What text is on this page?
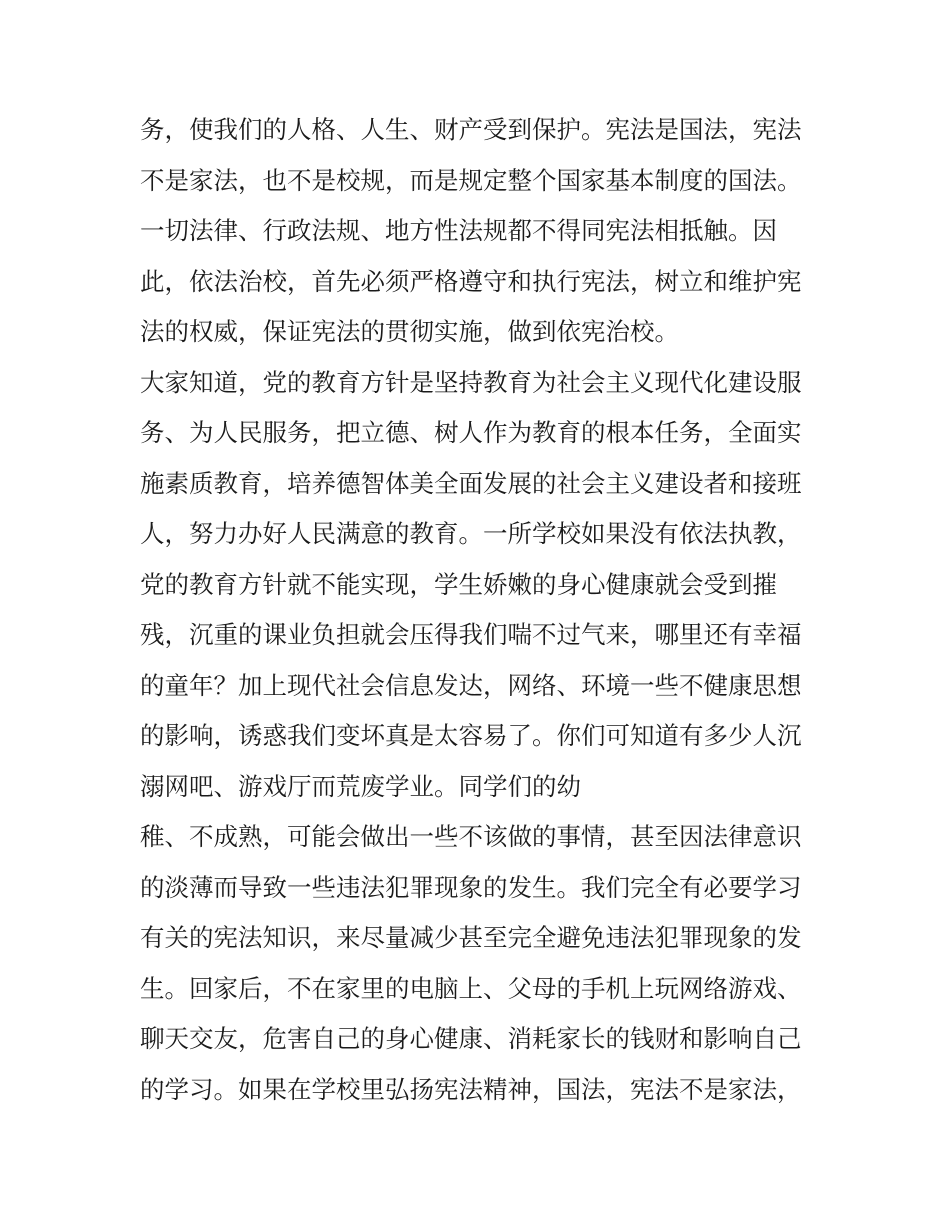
务，使我们的人格、人生、财产受到保护。宪法是国法，宪法
不是家法，也不是校规，而是规定整个国家基本制度的国法。
一切法律、行政法规、地方性法规都不得同宪法相抵触。因
此，依法治校，首先必须严格遵守和执行宪法，树立和维护宪
法的权威，保证宪法的贯彻实施，做到依宪治校。
大家知道，党的教育方针是坚持教育为社会主义现代化建设服
务、为人民服务，把立德、树人作为教育的根本任务，全面实
施素质教育，培养德智体美全面发展的社会主义建设者和接班
人，努力办好人民满意的教育。一所学校如果没有依法执教，
党的教育方针就不能实现，学生娇嫩的身心健康就会受到摧
残，沉重的课业负担就会压得我们喘不过气来，哪里还有幸福
的童年？加上现代社会信息发达，网络、环境一些不健康思想
的影响，诱惑我们变坏真是太容易了。你们可知道有多少人沉
溺网吧、游戏厅而荒废学业。同学们的幼
稚、不成熟，可能会做出一些不该做的事情，甚至因法律意识
的淡薄而导致一些违法犯罪现象的发生。我们完全有必要学习
有关的宪法知识，来尽量减少甚至完全避免违法犯罪现象的发
生。回家后，不在家里的电脑上、父母的手机上玩网络游戏、
聊天交友，危害自己的身心健康、消耗家长的钱财和影响自己
的学习。如果在学校里弘扬宪法精神，国法，宪法不是家法，
